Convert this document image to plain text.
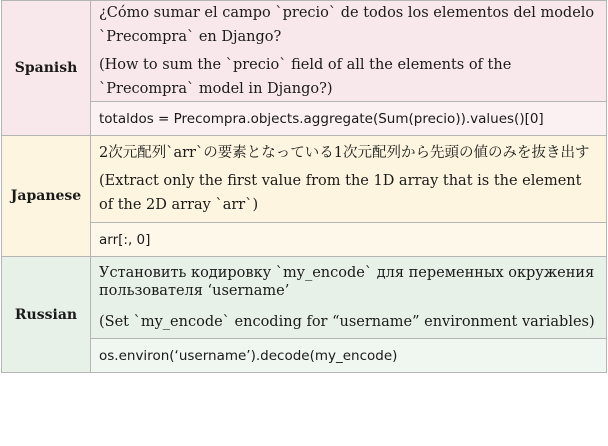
Spanish	¿Cómo sumar el campo `precio` de todos los elementos del modelo `Precompra` en Django?

(How to sum the `precio` field of all the elements of the `Precompra` model in Django?)

	totaldos = Precompra.objects.aggregate(Sum(precio)).values()[0]
Japanese	2次元配列`arr`の要素となっている1次元配列から先頭の値のみを抜き出す

(Extract only the first value from the 1D array that is the element of the 2D array `arr`)

	arr[:, 0]
Russian	Установить кодировку `my_encode` для переменных окружения пользователя ‘username’

(Set `my_encode` encoding for “username” environment variables)

	os.environ(‘username’).decode(my_encode)
